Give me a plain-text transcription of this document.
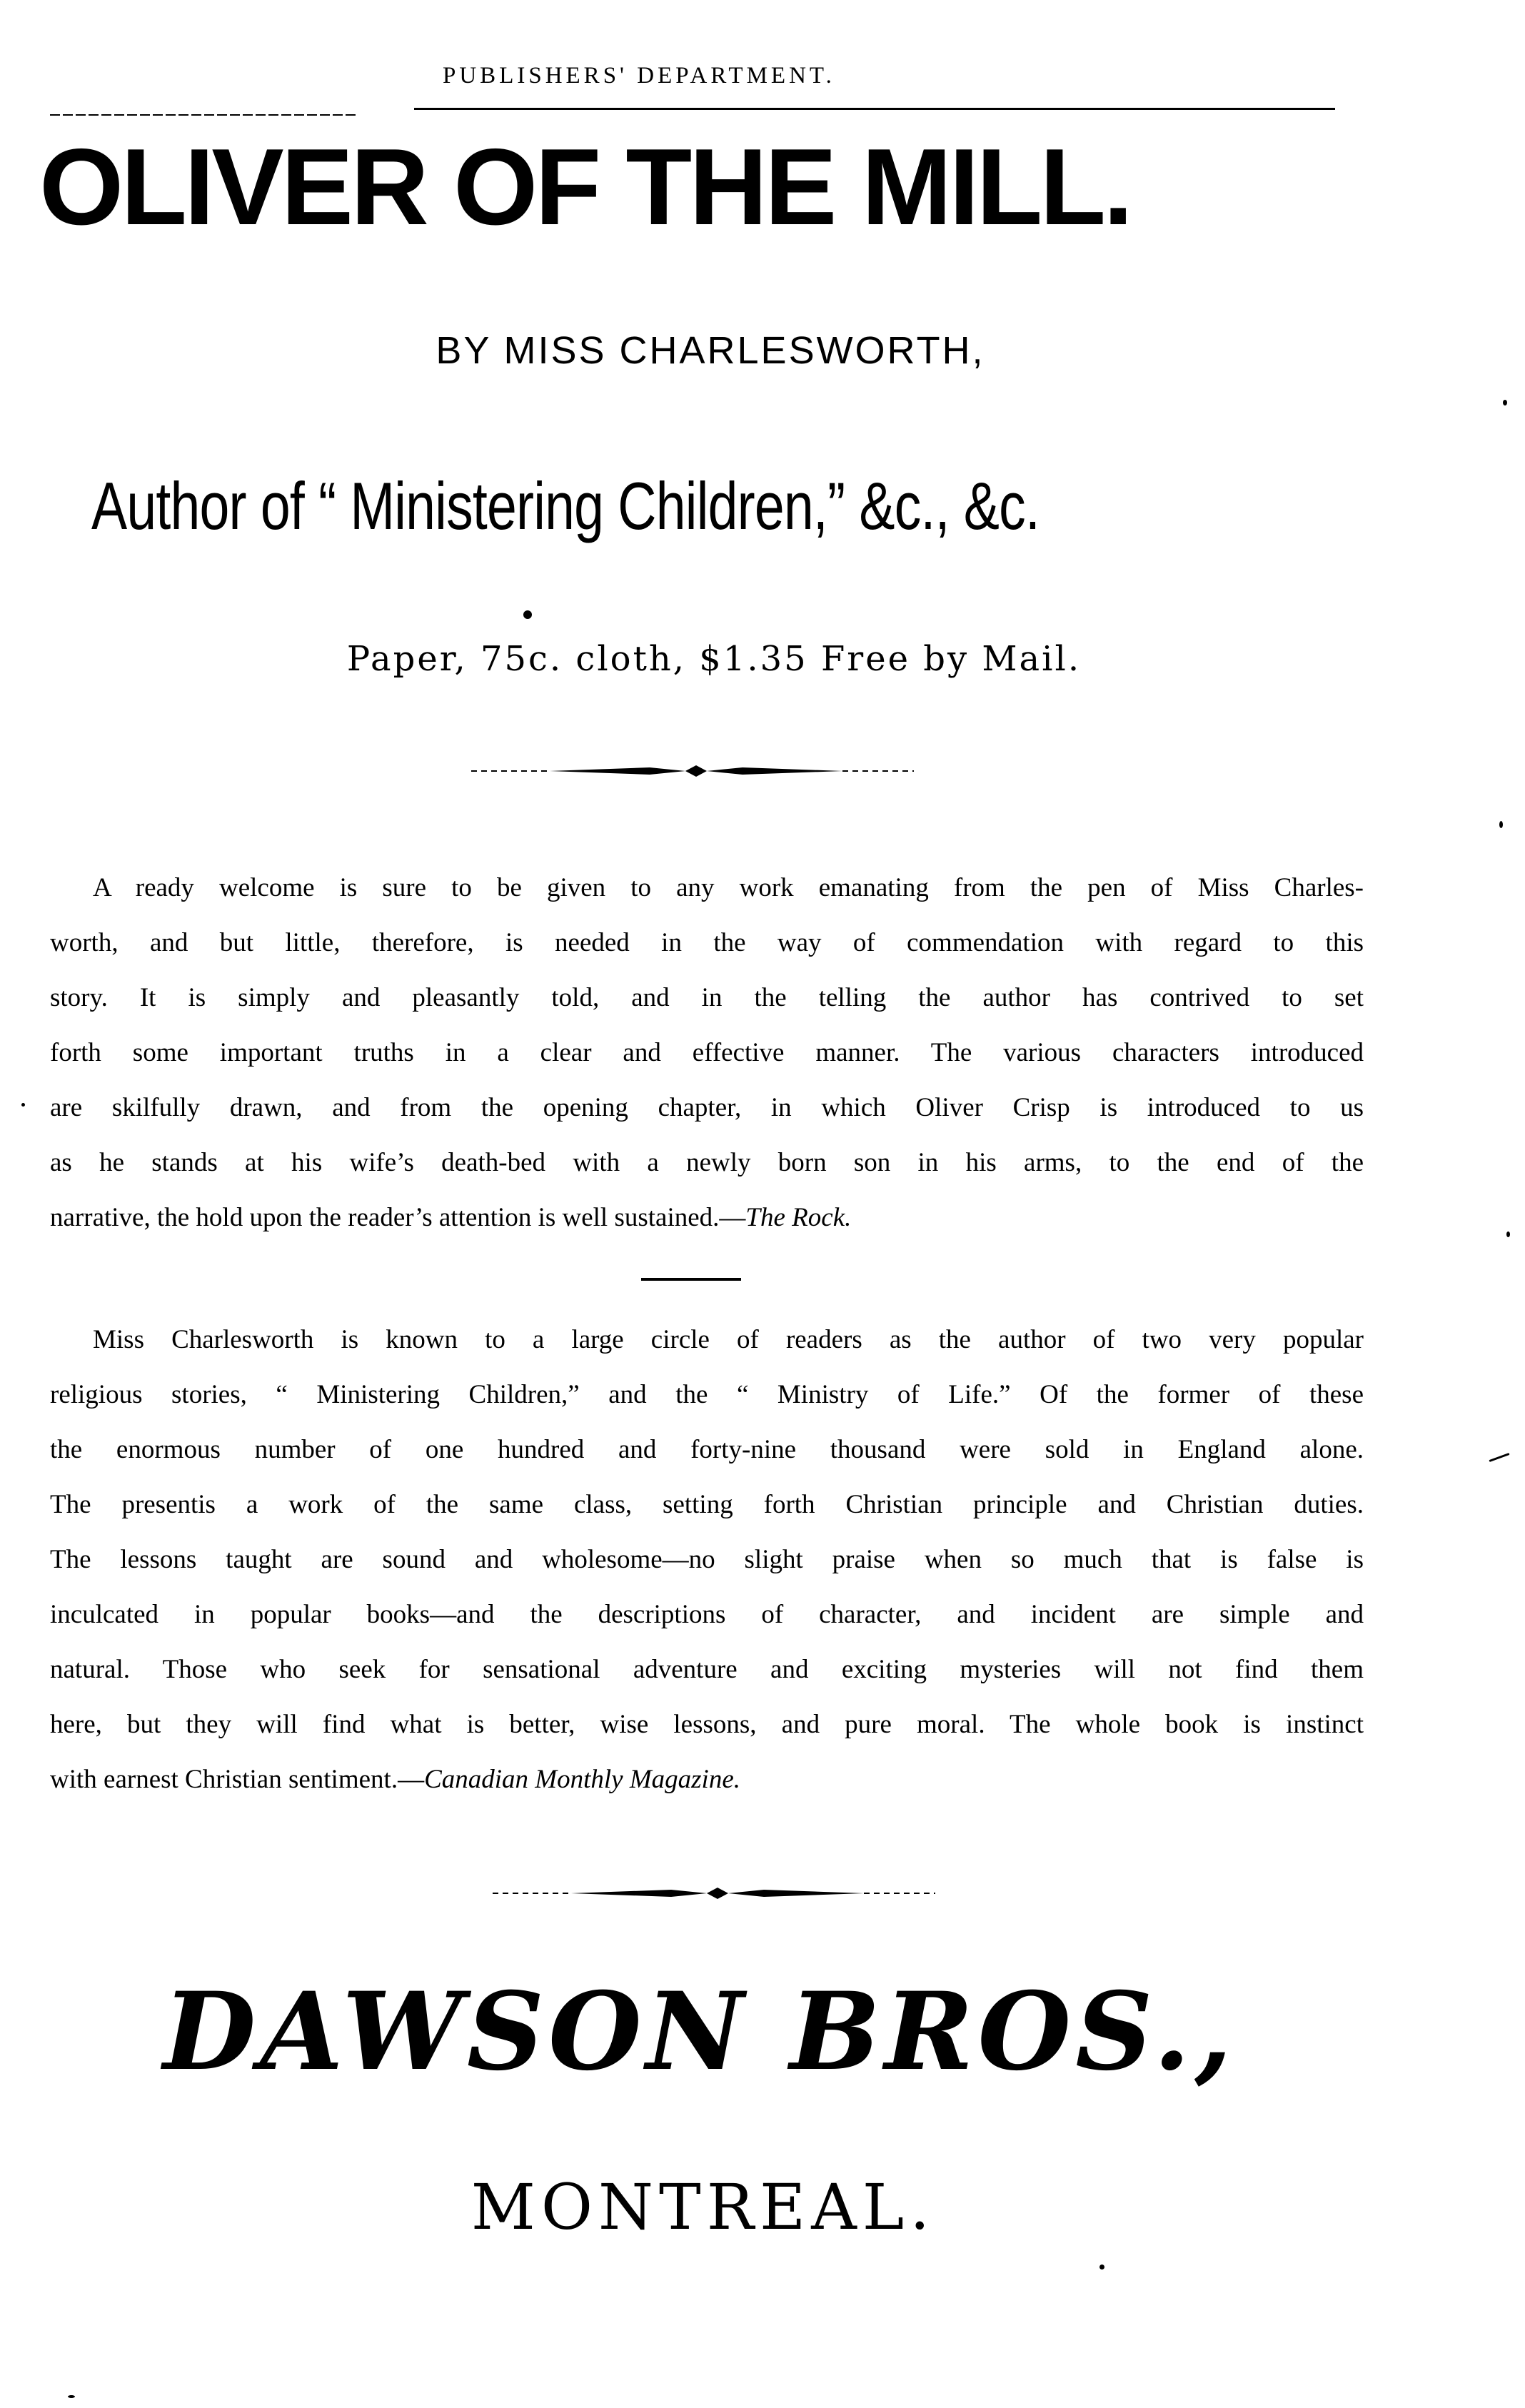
PUBLISHERS' DEPARTMENT.
OLIVER OF THE MILL.
BY MISS CHARLESWORTH,
Author of “ Ministering Children,” &c., &c.
Paper, 75c. cloth, $1.35 Free by Mail.
A ready welcome is sure to be given to any work emanating from the pen of Miss Charles-
worth, and but little, therefore, is needed in the way of commendation with regard to this
story. It is simply and pleasantly told, and in the telling the author has contrived to set
forth some important truths in a clear and effective manner. The various characters introduced
are skilfully drawn, and from the opening chapter, in which Oliver Crisp is introduced to us
as he stands at his wife’s death-bed with a newly born son in his arms, to the end of the
narrative, the hold upon the reader’s attention is well sustained.—The Rock.
Miss Charlesworth is known to a large circle of readers as the author of two very popular
religious stories, “ Ministering Children,” and the “ Ministry of Life.” Of the former of these
the enormous number of one hundred and forty-nine thousand were sold in England alone.
The presentis a work of the same class, setting forth Christian principle and Christian duties.
The lessons taught are sound and wholesome—no slight praise when so much that is false is
inculcated in popular books—and the descriptions of character, and incident are simple and
natural. Those who seek for sensational adventure and exciting mysteries will not find them
here, but they will find what is better, wise lessons, and pure moral. The whole book is instinct
with earnest Christian sentiment.—Canadian Monthly Magazine.
DAWSON BROS.,
MONTREAL.
